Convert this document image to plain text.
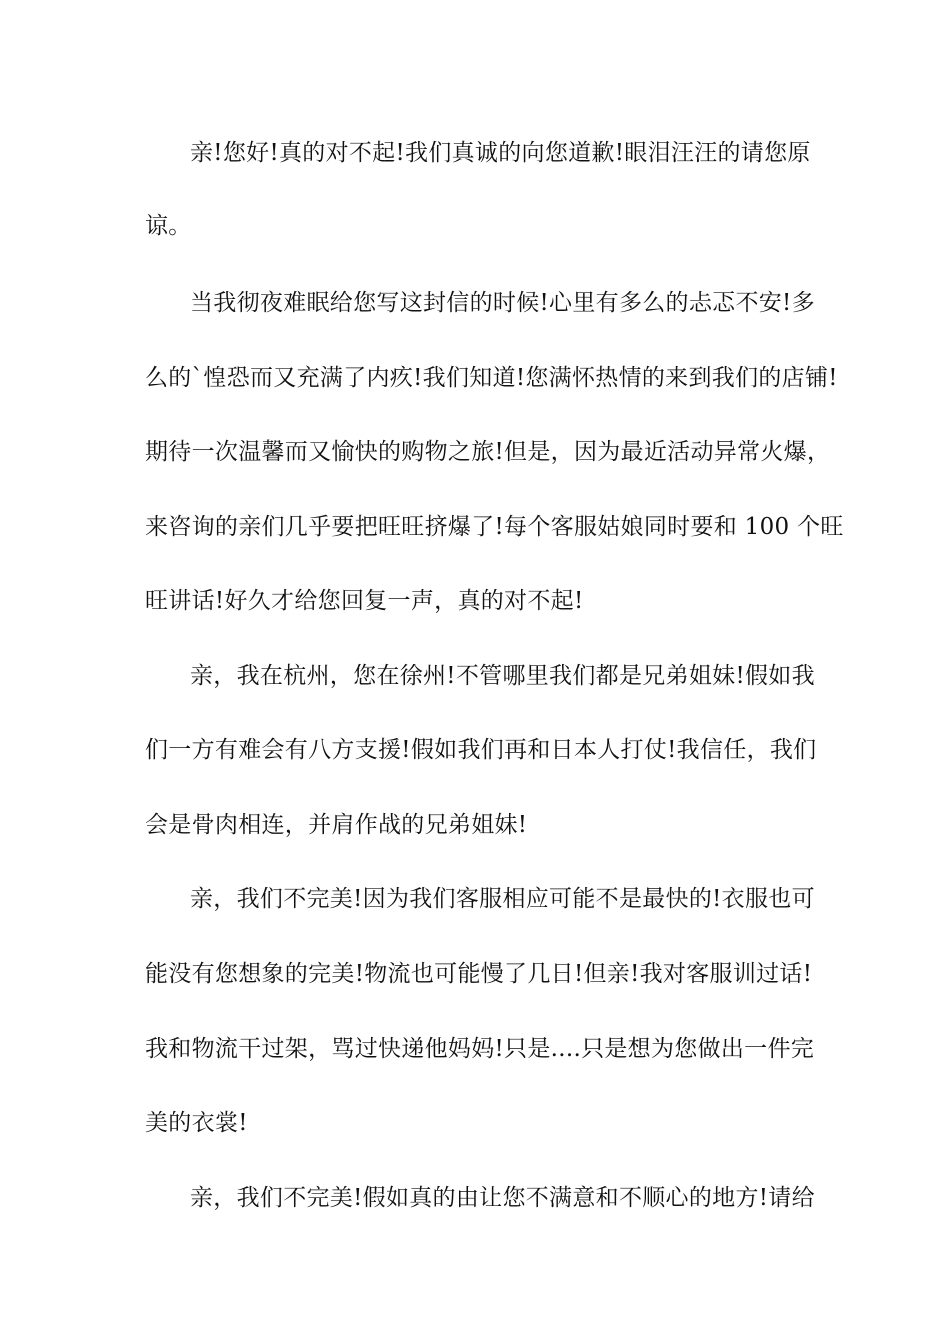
亲!您好!真的对不起!我们真诚的向您道歉!眼泪汪汪的请您原
谅。
当我彻夜难眠给您写这封信的时候!心里有多么的忐忑不安!多
么的`惶恐而又充满了内疚!我们知道!您满怀热情的来到我们的店铺!
期待一次温馨而又愉快的购物之旅!但是，因为最近活动异常火爆，
来咨询的亲们几乎要把旺旺挤爆了!每个客服姑娘同时要和 100 个旺
旺讲话!好久才给您回复一声，真的对不起!
亲，我在杭州，您在徐州!不管哪里我们都是兄弟姐妹!假如我
们一方有难会有八方支援!假如我们再和日本人打仗!我信任，我们
会是骨肉相连，并肩作战的兄弟姐妹!
亲，我们不完美!因为我们客服相应可能不是最快的!衣服也可
能没有您想象的完美!物流也可能慢了几日!但亲!我对客服训过话!
我和物流干过架，骂过快递他妈妈!只是....只是想为您做出一件完
美的衣裳!
亲，我们不完美!假如真的由让您不满意和不顺心的地方!请给
